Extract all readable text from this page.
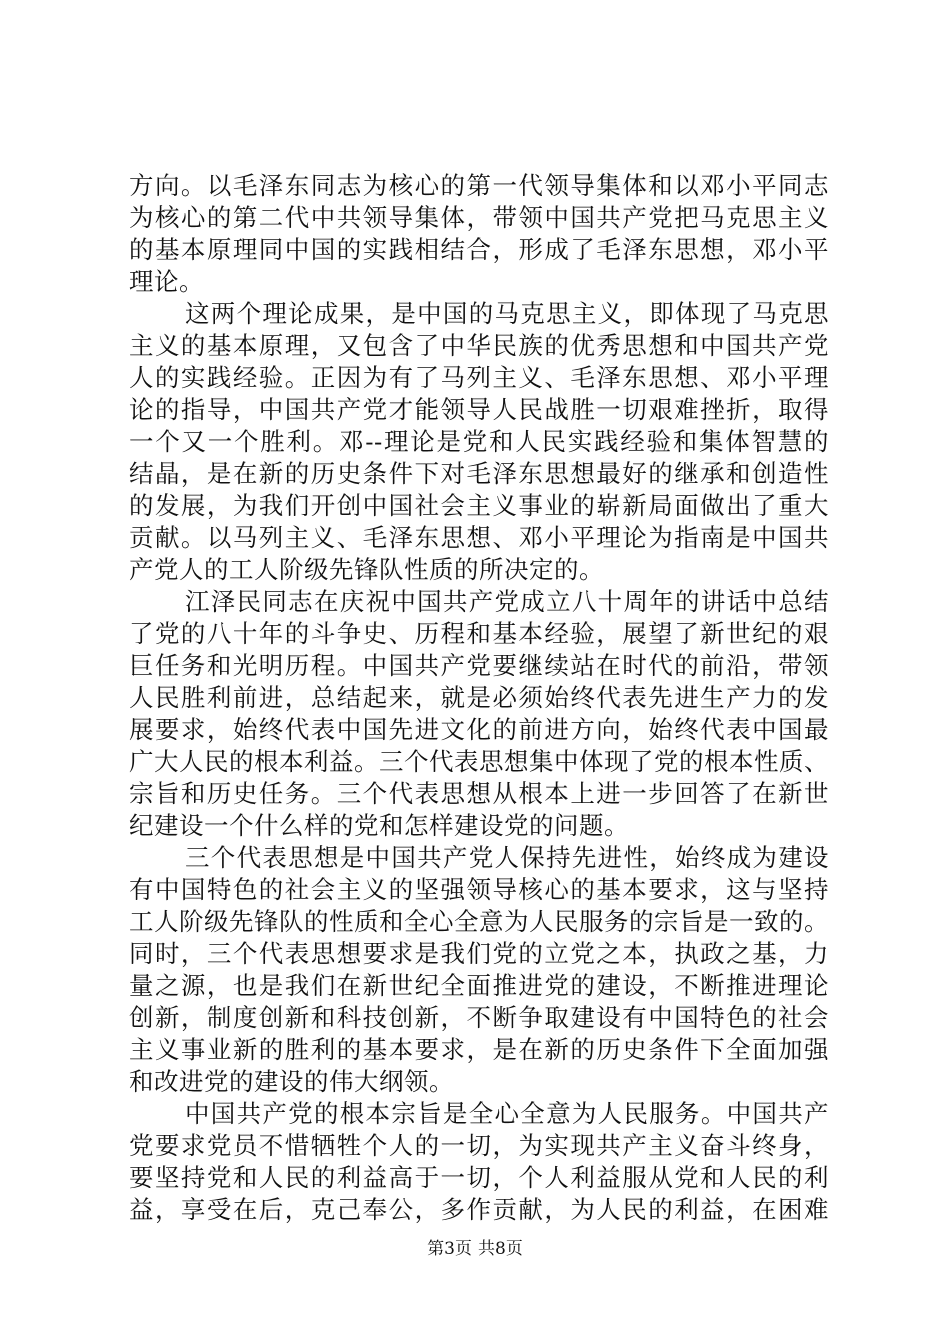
方向。以毛泽东同志为核心的第一代领导集体和以邓小平同志
为核心的第二代中共领导集体，带领中国共产党把马克思主义
的基本原理同中国的实践相结合，形成了毛泽东思想，邓小平
理论。
这两个理论成果，是中国的马克思主义，即体现了马克思
主义的基本原理，又包含了中华民族的优秀思想和中国共产党
人的实践经验。正因为有了马列主义、毛泽东思想、邓小平理
论的指导，中国共产党才能领导人民战胜一切艰难挫折，取得
一个又一个胜利。邓--理论是党和人民实践经验和集体智慧的
结晶，是在新的历史条件下对毛泽东思想最好的继承和创造性
的发展，为我们开创中国社会主义事业的崭新局面做出了重大
贡献。以马列主义、毛泽东思想、邓小平理论为指南是中国共
产党人的工人阶级先锋队性质的所决定的。
江泽民同志在庆祝中国共产党成立八十周年的讲话中总结
了党的八十年的斗争史、历程和基本经验，展望了新世纪的艰
巨任务和光明历程。中国共产党要继续站在时代的前沿，带领
人民胜利前进，总结起来，就是必须始终代表先进生产力的发
展要求，始终代表中国先进文化的前进方向，始终代表中国最
广大人民的根本利益。三个代表思想集中体现了党的根本性质、
宗旨和历史任务。三个代表思想从根本上进一步回答了在新世
纪建设一个什么样的党和怎样建设党的问题。
三个代表思想是中国共产党人保持先进性，始终成为建设
有中国特色的社会主义的坚强领导核心的基本要求，这与坚持
工人阶级先锋队的性质和全心全意为人民服务的宗旨是一致的。
同时，三个代表思想要求是我们党的立党之本，执政之基，力
量之源，也是我们在新世纪全面推进党的建设，不断推进理论
创新，制度创新和科技创新，不断争取建设有中国特色的社会
主义事业新的胜利的基本要求，是在新的历史条件下全面加强
和改进党的建设的伟大纲领。
中国共产党的根本宗旨是全心全意为人民服务。中国共产
党要求党员不惜牺牲个人的一切，为实现共产主义奋斗终身，
要坚持党和人民的利益高于一切，个人利益服从党和人民的利
益，享受在后，克己奉公，多作贡献，为人民的利益，在困难
第3页 共8页
